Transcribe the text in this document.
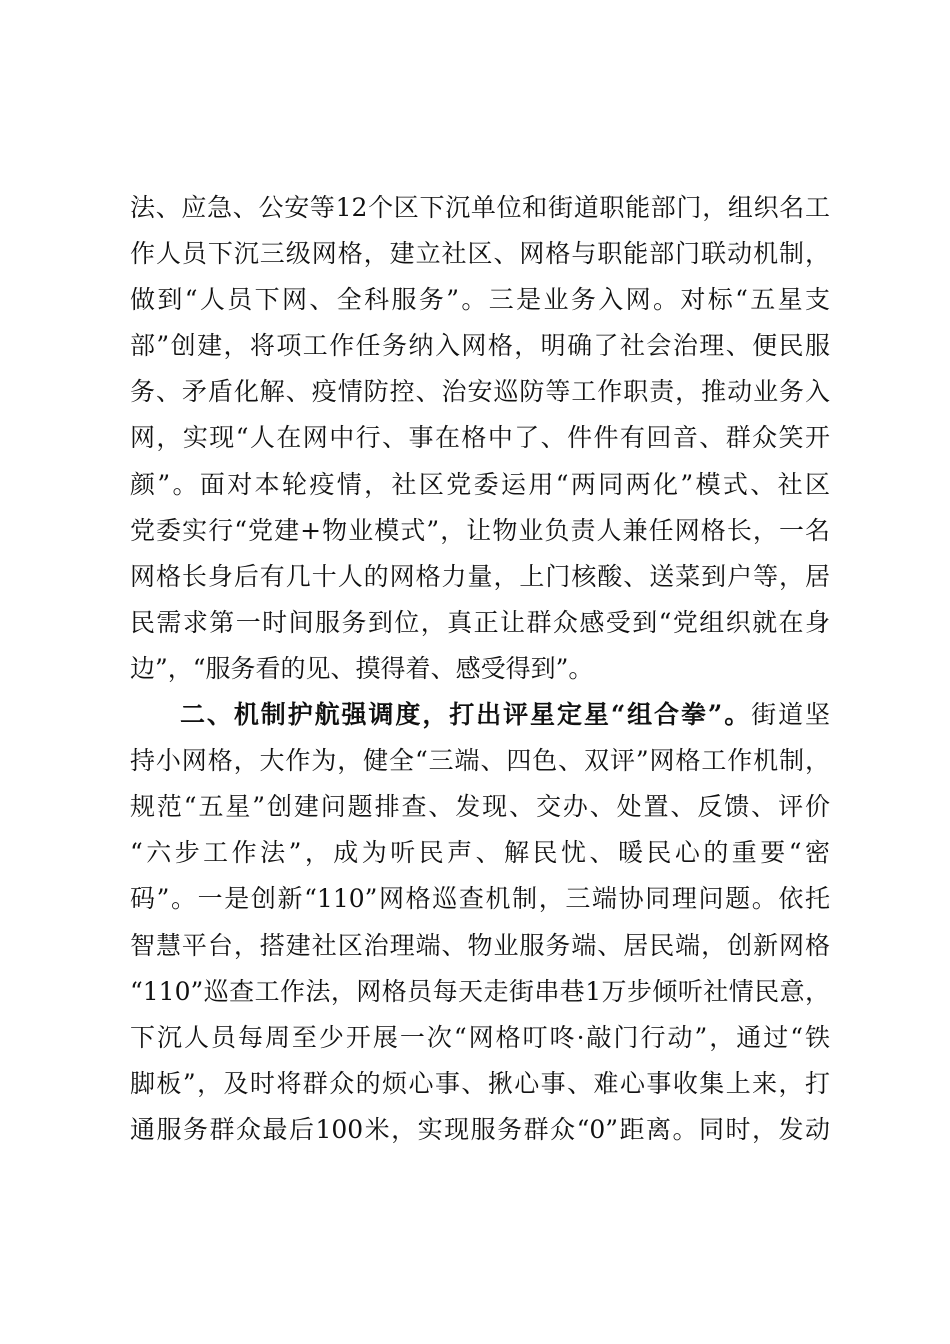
法、应急、公安等12个区下沉单位和街道职能部门，组织名工
作人员下沉三级网格，建立社区、网格与职能部门联动机制，
做到“人员下网、全科服务”。三是业务入网。对标“五星支
部”创建，将项工作任务纳入网格，明确了社会治理、便民服
务、矛盾化解、疫情防控、治安巡防等工作职责，推动业务入
网，实现“人在网中行、事在格中了、件件有回音、群众笑开
颜”。面对本轮疫情，社区党委运用“两同两化”模式、社区
党委实行“党建+物业模式”，让物业负责人兼任网格长，一名
网格长身后有几十人的网格力量，上门核酸、送菜到户等，居
民需求第一时间服务到位，真正让群众感受到“党组织就在身
边”，“服务看的见、摸得着、感受得到”。
二、机制护航强调度，打出评星定星“组合拳”。街道坚
持小网格，大作为，健全“三端、四色、双评”网格工作机制，
规范“五星”创建问题排查、发现、交办、处置、反馈、评价
“六步工作法”，成为听民声、解民忧、暖民心的重要“密
码”。一是创新“110”网格巡查机制，三端协同理问题。依托
智慧平台，搭建社区治理端、物业服务端、居民端，创新网格
“110”巡查工作法，网格员每天走街串巷1万步倾听社情民意，
下沉人员每周至少开展一次“网格叮咚·敲门行动”，通过“铁
脚板”，及时将群众的烦心事、揪心事、难心事收集上来，打
通服务群众最后100米，实现服务群众“0”距离。同时，发动
